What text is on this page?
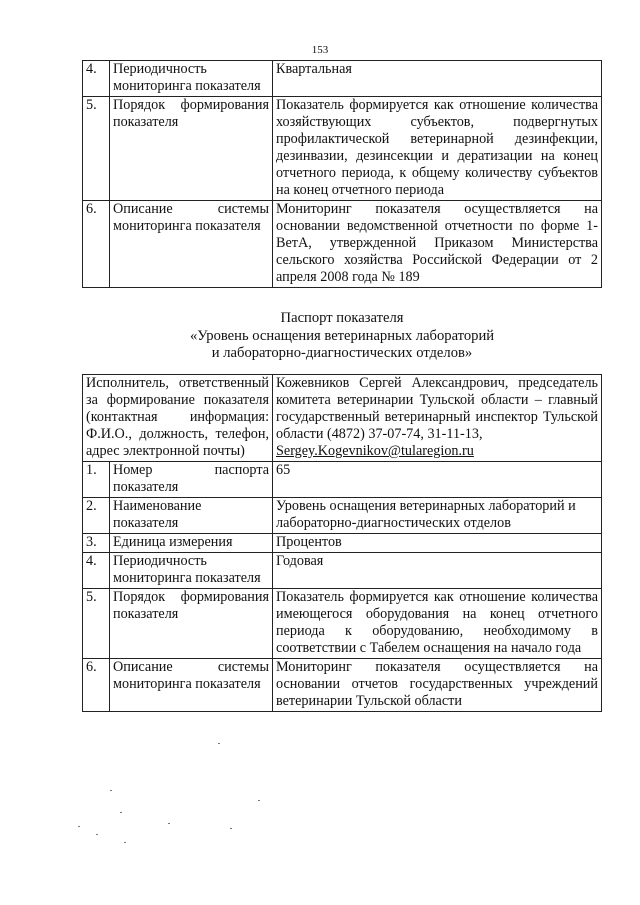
153
4.	Периодичность мониторинга показателя	Квартальная
5.	Порядок формирования показателя	Показатель формируется как отношение количества хозяйствующих субъектов, подвергнутых профилактической ветеринарной дезинфекции, дезинвазии, дезинсекции и дератизации на конец отчетного периода, к общему количеству субъектов на конец отчетного периода
6.	Описание системы мониторинга показателя	Мониторинг показателя осуществляется на основании ведомственной отчетности по форме 1-ВетА, утвержденной Приказом Министерства сельского хозяйства Российской Федерации от 2 апреля 2008 года № 189
Паспорт показателя
«Уровень оснащения ветеринарных лабораторий
и лабораторно-диагностических отделов»
Исполнитель, ответственный за формирование показателя (контактная информация: Ф.И.О., должность, телефон, адрес электронной почты)		Кожевников Сергей Александрович, председатель комитета ветеринарии Тульской области – главный государственный ветеринарный инспектор Тульской области (4872) 37-07-74, 31-11-13,
Sergey.Kogevnikov@tularegion.ru

1.	Номер паспорта показателя	65
2.	Наименование показателя	Уровень оснащения ветеринарных лабораторий и лабораторно-диагностических отделов
3.	Единица измерения	Процентов
4.	Периодичность мониторинга показателя	Годовая
5.	Порядок формирования показателя	Показатель формируется как отношение количества имеющегося оборудования на конец отчетного периода к оборудованию, необходимому в соответствии с Табелем оснащения на начало года
6.	Описание системы мониторинга показателя	Мониторинг показателя осуществляется на основании отчетов государственных учреждений ветеринарии Тульской области
